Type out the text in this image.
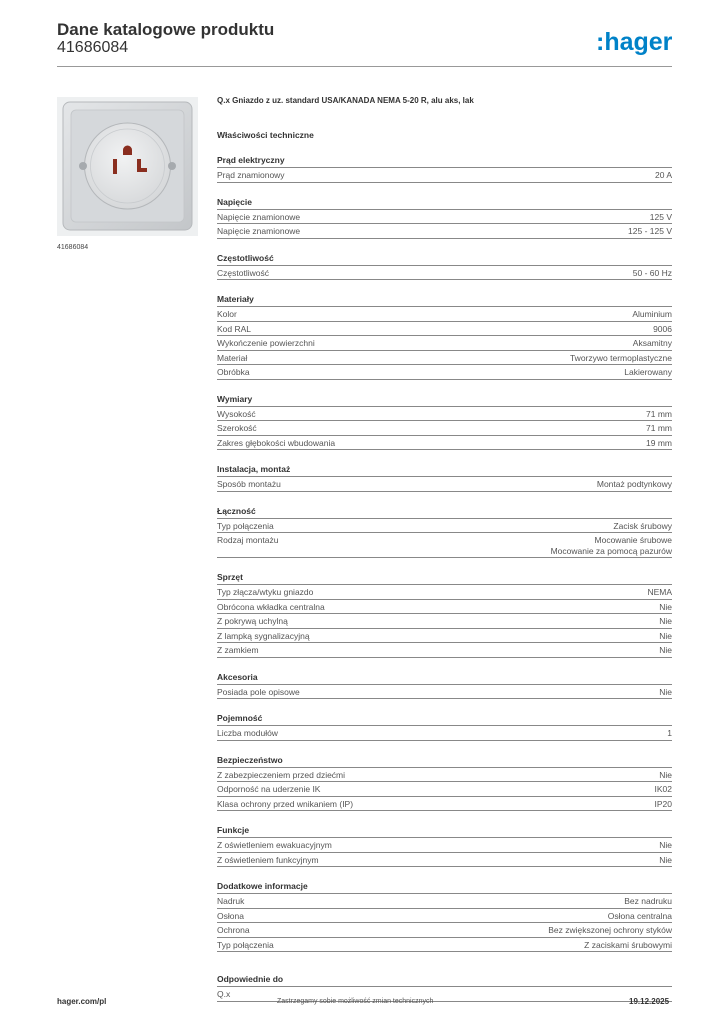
Dane katalogowe produktu
41686084	:hager
41686084
Q.x Gniazdo z uz. standard USA/KANADA NEMA 5-20 R, alu aks, lak
Właściwości techniczne
Prąd elektryczny
Prąd znamionowy	20 A
Napięcie
Napięcie znamionowe	125 V
Napięcie znamionowe	125 - 125 V
Częstotliwość
Częstotliwość	50 - 60 Hz
Materiały
Kolor	Aluminium
Kod RAL	9006
Wykończenie powierzchni	Aksamitny
Materiał	Tworzywo termoplastyczne
Obróbka	Lakierowany
Wymiary
Wysokość	71 mm
Szerokość	71 mm
Zakres głębokości wbudowania	19 mm
Instalacja, montaż
Sposób montażu	Montaż podtynkowy
Łączność
Typ połączenia	Zacisk śrubowy
Rodzaj montażu	Mocowanie śrubowe
Mocowanie za pomocą pazurów
Sprzęt
Typ złącza/wtyku gniazdo	NEMA
Obrócona wkładka centralna	Nie
Z pokrywą uchylną	Nie
Z lampką sygnalizacyjną	Nie
Z zamkiem	Nie
Akcesoria
Posiada pole opisowe	Nie
Pojemność
Liczba modułów	1
Bezpieczeństwo
Z zabezpieczeniem przed dziećmi	Nie
Odporność na uderzenie IK	IK02
Klasa ochrony przed wnikaniem (IP)	IP20
Funkcje
Z oświetleniem ewakuacyjnym	Nie
Z oświetleniem funkcyjnym	Nie
Dodatkowe informacje
Nadruk	Bez nadruku
Osłona	Osłona centralna
Ochrona	Bez zwiększonej ochrony styków
Typ połączenia	Z zaciskami śrubowymi
Odpowiednie do
Q.x
hager.com/pl	Zastrzegamy sobie możliwość zmian technicznych	19.12.2025
